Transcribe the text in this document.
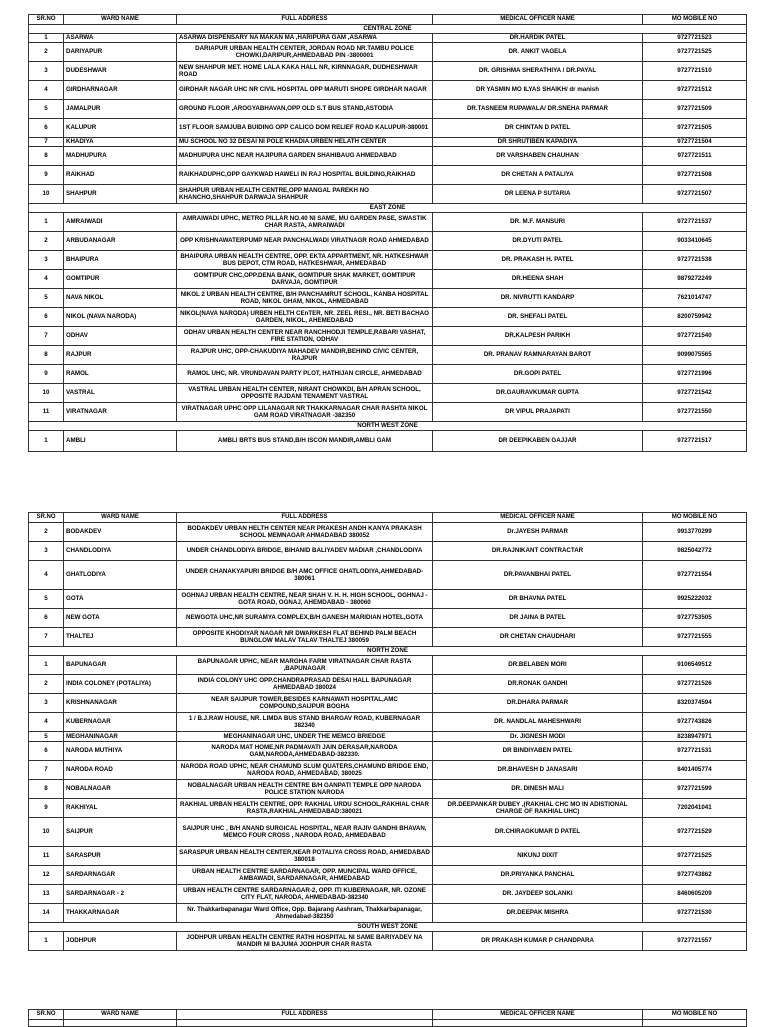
SR.NO	WARD NAME	FULL ADDRESS	MEDICAL OFFICER NAME	MO MOBILE NO
CENTRAL ZONE				
1	ASARWA	ASARWA DISPENSARY NA MAKAN MA ,HARIPURA GAM ,ASARWA	DR.HARDIK PATEL	9727721523
2	DARIYAPUR	DARIAPUR URBAN HEALTH CENTER, JORDAN ROAD NR.TAMBU POLICE CHOWKI,DARIPUR,AHMEDABAD PIN -3800001	DR. ANKIT VAGELA	9727721525
3	DUDESHWAR	NEW SHAHPUR MET. HOME LALA KAKA HALL NR, KIRNNAGAR, DUDHESHWAR ROAD	DR. GRISHMA SHERATHIYA / DR.PAYAL	9727721510
4	GIRDHARNAGAR	GIRDHAR NAGAR UHC NR CIVIL HOSPITAL OPP MARUTI SHOPE GIRDHAR NAGAR	DR YASMIN MO ILYAS SHAIKH/ dr manish	9727721512
5	JAMALPUR	GROUND FLOOR ,AROGYABHAVAN,OPP OLD S.T BUS STAND,ASTODIA	DR.TASNEEM RUPAWALA/ DR.SNEHA PARMAR	9727721509
6	KALUPUR	1ST FLOOR SAMJUBA BUIDING OPP CALICO DOM RELIEF ROAD KALUPUR-380001	DR CHINTAN D PATEL	9727721505
7	KHADIYA	MU SCHOOL NO 32 DESAI NI POLE KHADIA URBEN HELATH CENTER	DR SHRUTIBEN KAPADIYA	9727721504
8	MADHUPURA	MADHUPURA UHC NEAR HAJIPURA GARDEN SHAHIBAUG AHMEDABAD	DR VARSHABEN CHAUHAN	9727721511
9	RAIKHAD	RAIKHADUPHC,OPP GAYKWAD HAWELI IN RAJ HOSPITAL BUILDING,RAIKHAD	DR CHETAN A PATALIYA	9727721508
10	SHAHPUR	SHAHPUR URBAN HEALTH CENTRE,OPP MANGAL PAREKH NO KHANCHO,SHAHPUR DARWAJA SHAHPUR	DR LEENA P SUTARIA	9727721507
EAST ZONE				
1	AMRAIWADI	AMRAIWADI UPHC, METRO PILLAR NO.40 NI SAME, MU GARDEN PASE, SWASTIK CHAR RASTA, AMRAIWADI	DR. M.F. MANSURI	9727721537
2	ARBUDANAGAR	OPP KRISHNAWATERPUMP NEAR PANCHALWADI VIRATNAGR ROAD AHMEDABAD	DR.DYUTI PATEL	9033410645
3	BHAIPURA	BHAIPURA URBAN HEALTH CENTRE, OPP. EKTA APPARTMENT, NR. HATKESHWAR BUS DEPOT, CTM ROAD, HATKESHWAR, AHMEDABAD	DR. PRAKASH H. PATEL	9727721538
4	GOMTIPUR	GOMTIPUR CHC,OPP.DENA BANK, GOMTIPUR SHAK MARKET, GOMTIPUR DARVAJA, GOMTIPUR	DR.HEENA SHAH	9879272249
5	NAVA NIKOL	NIKOL 2 URBAN HEALTH CENTRE, B/H PANCHAMRUT SCHOOL, KANBA HOSPITAL ROAD, NIKOL GHAM, NIKOL, AHMEDABAD	DR. NIVRUTTI KANDARP	7621014747
6	NIKOL (NAVA NARODA)	NIKOL(NAVA NARODA) URBEN HELTH CEnTER, NR. ZEEL RESI., NR. BETI BACHAO GARDEN, NIKOL, AHEMEDABAD	DR. SHEFALI PATEL	8200759942
7	ODHAV	ODHAV URBAN HEALTH CENTER NEAR RANCHHODJI TEMPLE,RABARI VASHAT, FIRE STATION, ODHAV	DR,KALPESH PARIKH	9727721540
8	RAJPUR	RAJPUR UHC, OPP-CHAKUDIYA MAHADEV MANDIR,BEHIND CIVIC CENTER, RAJPUR	DR. PRANAV RAMNARAYAN BAROT	9099075565
9	RAMOL	RAMOL UHC, NR. VRUNDAVAN PARTY PLOT, HATHIJAN CIRCLE, AHMEDABAD	DR.GOPI PATEL	9727721996
10	VASTRAL	VASTRAL URBAN HEALTH CENTER, NIRANT CHOWKDI, B/H APRAN SCHOOL, OPPOSITE RAJDANI TENAMENT VASTRAL	DR.GAURAVKUMAR GUPTA	9727721542
11	VIRATNAGAR	VIRATNAGAR UPHC OPP LILANAGAR NR THAKKARNAGAR CHAR RASHTA NIKOL GAM ROAD VIRATNAGAR -382350	DR VIPUL PRAJAPATI	9727721550
NORTH WEST ZONE				
1	AMBLI	AMBLI BRTS BUS STAND,B/H ISCON MANDIR,AMBLI GAM	DR DEEPIKABEN GAJJAR	9727721517
SR.NO	WARD NAME	FULL ADDRESS	MEDICAL OFFICER NAME	MO MOBILE NO
2	BODAKDEV	BODAKDEV URBAN HELTH CENTER NEAR PRAKESH ANDH KANYA PRAKASH SCHOOL MEMNAGAR AHMADABAD 380052	Dr.JAYESH PARMAR	9913770299
3	CHANDLODIYA	UNDER CHANDLODIYA BRIDGE, BIHANID BALIYADEV MADIAR ,CHANDLODIYA	DR.RAJNIKANT CONTRACTAR	9825042772
4	GHATLODIYA	UNDER CHANAKYAPURI BRIDGE B/H AMC OFFICE GHATLODIYA,AHMEDABAD-380061	DR.PAVANBHAI PATEL	9727721554
5	GOTA	OGHNAJ URBAN HEALTH CENTRE, NEAR SHAH V. H. H. HIGH SCHOOL, OGHNAJ - GOTA ROAD, OGNAJ, AHEMDABAD - 380060	DR BHAVNA PATEL	9925222032
6	NEW GOTA	NEWGOTA UHC,NR SURAMYA COMPLEX,B/H GANESH MARIDIAN HOTEL,GOTA	DR JAINA B PATEL	9727753505
7	THALTEJ	OPPOSITE KHODIYAR NAGAR NR DWARKESH FLAT BEHIND PALM BEACH BUNGLOW MALAV TALAV THALTEJ 380059	DR CHETAN CHAUDHARI	9727721555
NORTH ZONE				
1	BAPUNAGAR	BAPUNAGAR UPHC, NEAR MARGHA FARM VIRATNAGAR CHAR RASTA ,BAPUNAGAR	DR.BELABEN MORI	9106549512
2	INDIA COLONEY (POTALIYA)	INDIA COLONY UHC OPP.CHANDRAPRASAD DESAI HALL BAPUNAGAR AHMEDABAD 380024	DR.RONAK GANDHI	9727721526
3	KRISHNANAGAR	NEAR SAIJPUR TOWER,BESIDES KARNAWATI HOSPITAL,AMC COMPOUND,SAIJPUR BOGHA	DR.DHARA PARMAR	8320374594
4	KUBERNAGAR	1 / B.J.RAW HOUSE, NR. LIMDA BUS STAND BHARGAV ROAD, KUBERNAGAR 382340	DR. NANDLAL MAHESHWARI	9727743826
5	MEGHANINAGAR	MEGHANINAGAR UHC, UNDER THE MEMCO BRIEDGE	Dr. JIGNESH MODI	8238947971
6	NARODA MUTHIYA	NARODA MAT HOME,NR PADMAVATI JAIN DERASAR,NARODA GAM,NARODA,AHMEDABAD-382330.	DR BINDIYABEN PATEL	9727721531
7	NARODA ROAD	NARODA ROAD UPHC, NEAR CHAMUND SLUM QUATERS,CHAMUND BRIDGE END, NARODA ROAD, AHMEDABAD, 380025	DR.BHAVESH D JANASARI	8401405774
8	NOBALNAGAR	NOBALNAGAR URBAN HEALTH CENTRE B/H GANPATI TEMPLE OPP NARODA POLICE STATION NARODA	DR. DINESH MALI	9727721599
9	RAKHIYAL	RAKHIAL URBAN HEALTH CENTRE, OPP. RAKHIAL URDU SCHOOL,RAKHIAL CHAR RASTA,RAKHIAL,AHMEDABAD:380021	DR.DEEPANKAR DUBEY ,(RAKHIAL CHC MO IN ADISTIONAL CHARGE OF RAKHIAL UHC)	7202041041
10	SAIJPUR	SAIJPUR UHC , B/H ANAND SURGICAL HOSPITAL, NEAR RAJIV GANDHI BHAVAN, MEMCO FOUR CROSS , NARODA ROAD, AHMEDABAD	DR.CHIRAGKUMAR D PATEL	9727721529
11	SARASPUR	SARASPUR URBAN HEALTH CENTER,NEAR POTALIYA CROSS ROAD, AHMEDABAD 380018	NIKUNJ DIXIT	9727721525
12	SARDARNAGAR	URBAN HEALTH CENTRE SARDARNAGAR, OPP. MUNCIPAL WARD OFFICE, AMBAWADI, SARDARNAGAR, AHMEDABAD	DR.PRIYANKA PANCHAL	9727743862
13	SARDARNAGAR - 2	URBAN HEALTH CENTRE SARDARNAGAR-2, OPP. ITI KUBERNAGAR, NR. OZONE CITY FLAT, NARODA, AHMEDABAD-382340	DR. JAYDEEP SOLANKI	8460605209
14	THAKKARNAGAR	Nr. Thakkarbapanagar Ward Office, Opp. Bajarang Aashram, Thakkarbapanagar, Ahmedabad-382350	DR.DEEPAK MISHRA	9727721530
SOUTH WEST ZONE				
1	JODHPUR	JODHPUR URBAN HEALTH CENTRE RATHI HOSPITAL NI SAME BARIYADEV NA MANDIR NI BAJUMA JODHPUR CHAR RASTA	DR PRAKASH KUMAR P CHANDPARA	9727721557
SR.NO	WARD NAME	FULL ADDRESS	MEDICAL OFFICER NAME	MO MOBILE NO
